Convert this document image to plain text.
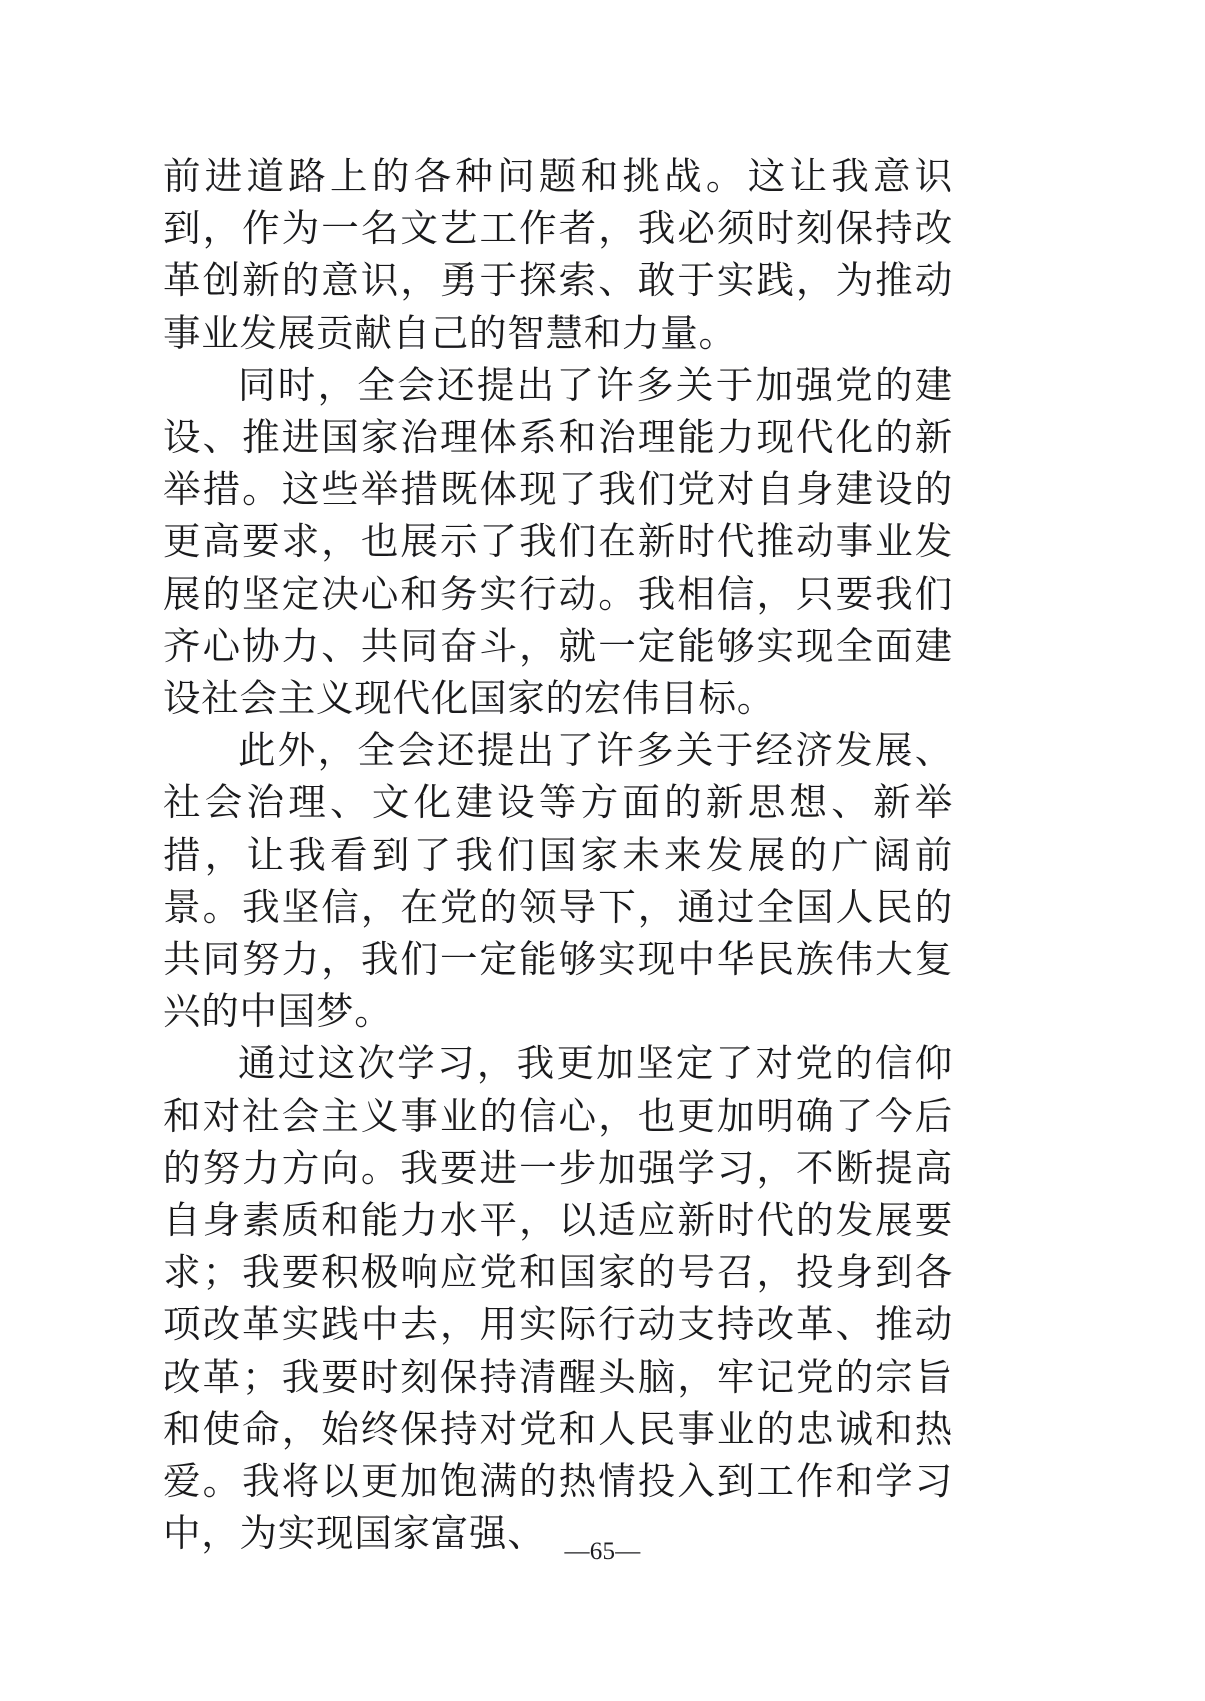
前进道路上的各种问题和挑战。这让我意识到，作为一名文艺工作者，我必须时刻保持改革创新的意识，勇于探索、敢于实践，为推动事业发展贡献自己的智慧和力量。

同时，全会还提出了许多关于加强党的建设、推进国家治理体系和治理能力现代化的新举措。这些举措既体现了我们党对自身建设的更高要求，也展示了我们在新时代推动事业发展的坚定决心和务实行动。我相信，只要我们齐心协力、共同奋斗，就一定能够实现全面建设社会主义现代化国家的宏伟目标。

此外，全会还提出了许多关于经济发展、社会治理、文化建设等方面的新思想、新举措，让我看到了我们国家未来发展的广阔前景。我坚信，在党的领导下，通过全国人民的共同努力，我们一定能够实现中华民族伟大复兴的中国梦。

通过这次学习，我更加坚定了对党的信仰和对社会主义事业的信心，也更加明确了今后的努力方向。我要进一步加强学习，不断提高自身素质和能力水平，以适应新时代的发展要求；我要积极响应党和国家的号召，投身到各项改革实践中去，用实际行动支持改革、推动改革；我要时刻保持清醒头脑，牢记党的宗旨和使命，始终保持对党和人民事业的忠诚和热爱。我将以更加饱满的热情投入到工作和学习中，为实现国家富强、 —65—
